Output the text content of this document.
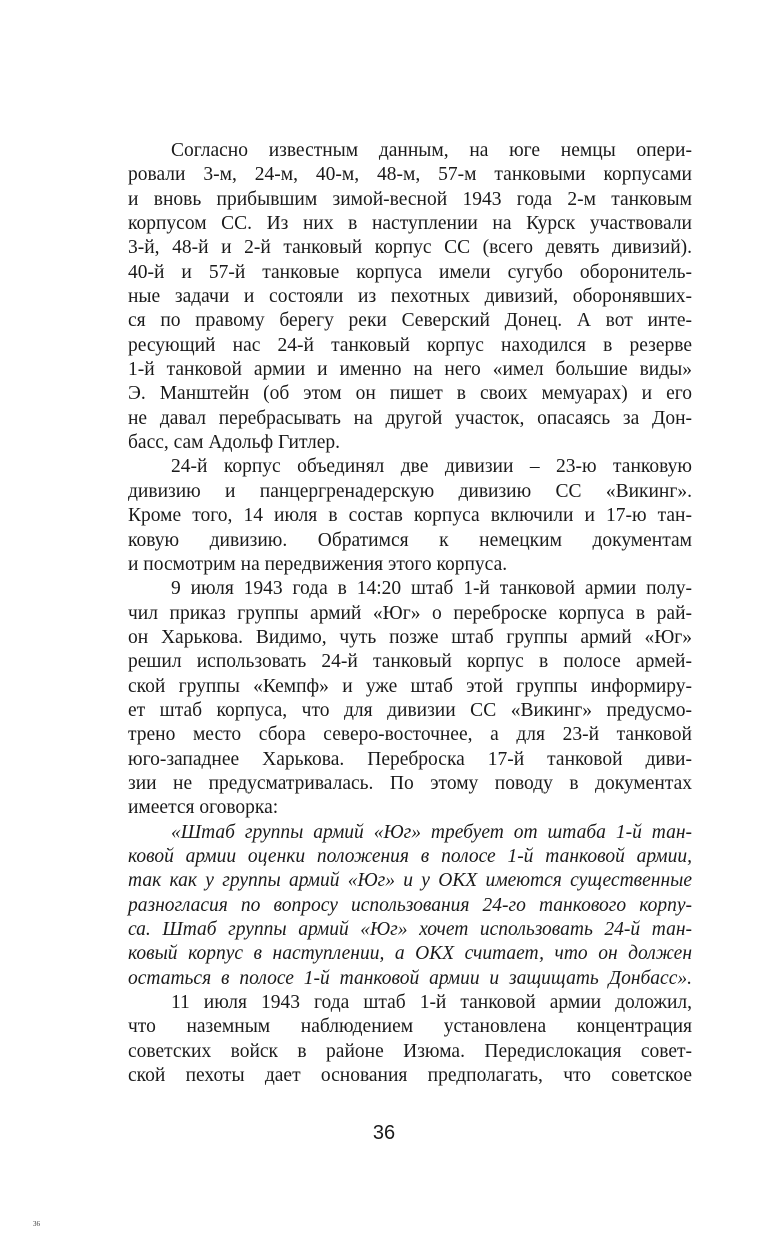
Согласно известным данным, на юге немцы опери-
ровали 3-м, 24-м, 40-м, 48-м, 57-м танковыми корпусами
и вновь прибывшим зимой-весной 1943 года 2-м танковым
корпусом СС. Из них в наступлении на Курск участвовали
3-й, 48-й и 2-й танковый корпус СС (всего девять дивизий).
40-й и 57-й танковые корпуса имели сугубо оборонитель-
ные задачи и состояли из пехотных дивизий, оборонявших-
ся по правому берегу реки Северский Донец. А вот инте-
ресующий нас 24-й танковый корпус находился в резерве
1-й танковой армии и именно на него «имел большие виды»
Э. Манштейн (об этом он пишет в своих мемуарах) и его
не давал перебрасывать на другой участок, опасаясь за Дон-
басс, сам Адольф Гитлер.
24-й корпус объединял две дивизии – 23-ю танковую
дивизию и панцергренадерскую дивизию СС «Викинг».
Кроме того, 14 июля в состав корпуса включили и 17-ю тан-
ковую дивизию. Обратимся к немецким документам
и посмотрим на передвижения этого корпуса.
9 июля 1943 года в 14:20 штаб 1-й танковой армии полу-
чил приказ группы армий «Юг» о переброске корпуса в рай-
он Харькова. Видимо, чуть позже штаб группы армий «Юг»
решил использовать 24-й танковый корпус в полосе армей-
ской группы «Кемпф» и уже штаб этой группы информиру-
ет штаб корпуса, что для дивизии СС «Викинг» предусмо-
трено место сбора северо-восточнее, а для 23-й танковой
юго-западнее Харькова. Переброска 17-й танковой диви-
зии не предусматривалась. По этому поводу в документах
имеется оговорка:
«Штаб группы армий «Юг» требует от штаба 1-й тан-
ковой армии оценки положения в полосе 1-й танковой армии,
так как у группы армий «Юг» и у ОКХ имеются существенные
разногласия по вопросу использования 24-го танкового корпу-
са. Штаб группы армий «Юг» хочет использовать 24-й тан-
ковый корпус в наступлении, а ОКХ считает, что он должен
остаться в полосе 1-й танковой армии и защищать Донбасс».
11 июля 1943 года штаб 1-й танковой армии доложил,
что наземным наблюдением установлена концентрация
советских войск в районе Изюма. Передислокация совет-
ской пехоты дает основания предполагать, что советское
36
36
